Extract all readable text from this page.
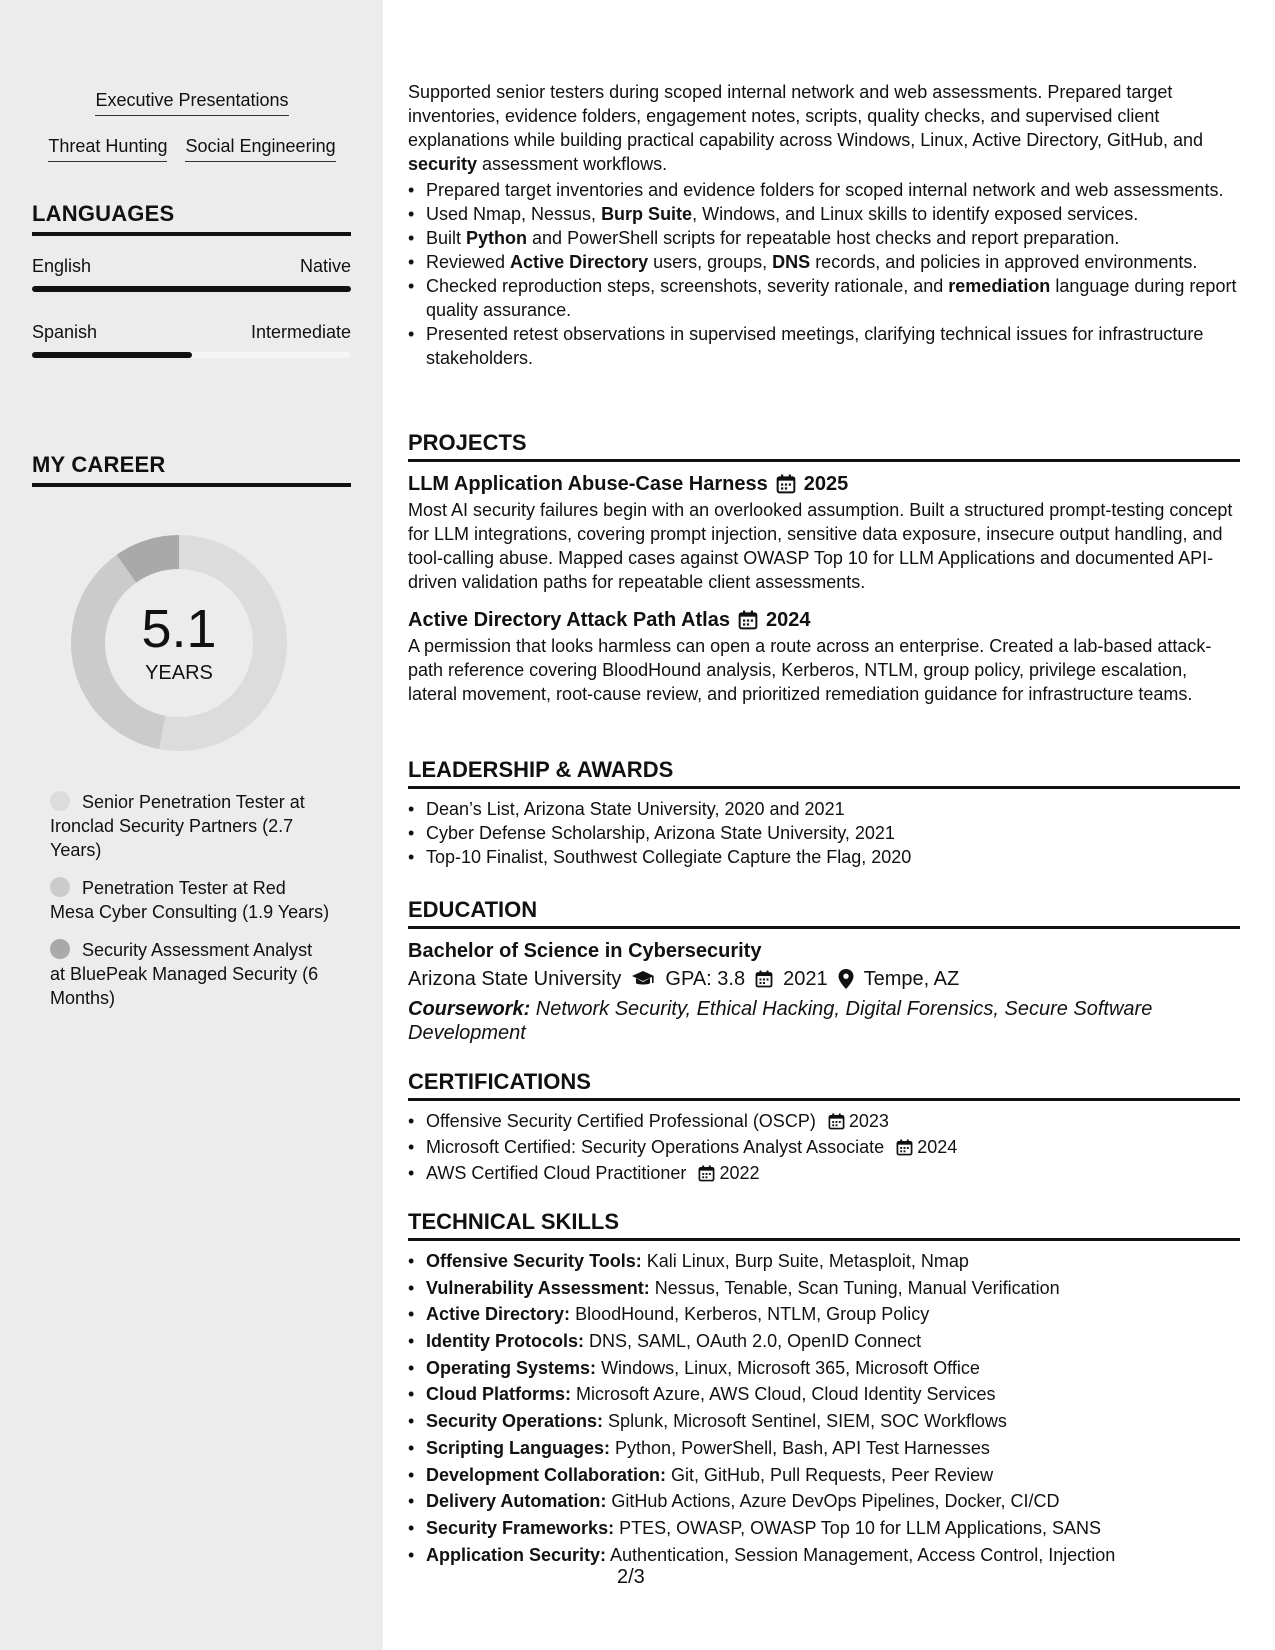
Executive Presentations
Threat Hunting Social Engineering
LANGUAGES
English	Native
Spanish	Intermediate
MY CAREER
5.1
YEARS
Senior Penetration Tester at Ironclad Security Partners (2.7 Years)
Penetration Tester at Red Mesa Cyber Consulting (1.9 Years)
Security Assessment Analyst at BluePeak Managed Security (6 Months)

Supported senior testers during scoped internal network and web assessments. Prepared target inventories, evidence folders, engagement notes, scripts, quality checks, and supervised client explanations while building practical capability across Windows, Linux, Active Directory, GitHub, and security assessment workflows.

• Prepared target inventories and evidence folders for scoped internal network and web assessments.
• Used Nmap, Nessus, Burp Suite, Windows, and Linux skills to identify exposed services.
• Built Python and PowerShell scripts for repeatable host checks and report preparation.
• Reviewed Active Directory users, groups, DNS records, and policies in approved environments.
• Checked reproduction steps, screenshots, severity rationale, and remediation language during report quality assurance.
• Presented retest observations in supervised meetings, clarifying technical issues for infrastructure stakeholders.
PROJECTS
LLM Application Abuse-Case Harness 2025

Most AI security failures begin with an overlooked assumption. Built a structured prompt-testing concept for LLM integrations, covering prompt injection, sensitive data exposure, insecure output handling, and tool-calling abuse. Mapped cases against OWASP Top 10 for LLM Applications and documented API-driven validation paths for repeatable client assessments.

Active Directory Attack Path Atlas 2024

A permission that looks harmless can open a route across an enterprise. Created a lab-based attack-path reference covering BloodHound analysis, Kerberos, NTLM, group policy, privilege escalation, lateral movement, root-cause review, and prioritized remediation guidance for infrastructure teams.

LEADERSHIP & AWARDS
• Dean’s List, Arizona State University, 2020 and 2021
• Cyber Defense Scholarship, Arizona State University, 2021
• Top-10 Finalist, Southwest Collegiate Capture the Flag, 2020
EDUCATION
Bachelor of Science in Cybersecurity
Arizona State University GPA: 3.8 2021 Tempe, AZ

Coursework: Network Security, Ethical Hacking, Digital Forensics, Secure Software Development

CERTIFICATIONS
• Offensive Security Certified Professional (OSCP) 2023
• Microsoft Certified: Security Operations Analyst Associate 2024
• AWS Certified Cloud Practitioner 2022
TECHNICAL SKILLS
• Offensive Security Tools: Kali Linux, Burp Suite, Metasploit, Nmap
• Vulnerability Assessment: Nessus, Tenable, Scan Tuning, Manual Verification
• Active Directory: BloodHound, Kerberos, NTLM, Group Policy
• Identity Protocols: DNS, SAML, OAuth 2.0, OpenID Connect
• Operating Systems: Windows, Linux, Microsoft 365, Microsoft Office
• Cloud Platforms: Microsoft Azure, AWS Cloud, Cloud Identity Services
• Security Operations: Splunk, Microsoft Sentinel, SIEM, SOC Workflows
• Scripting Languages: Python, PowerShell, Bash, API Test Harnesses
• Development Collaboration: Git, GitHub, Pull Requests, Peer Review
• Delivery Automation: GitHub Actions, Azure DevOps Pipelines, Docker, CI/CD
• Security Frameworks: PTES, OWASP, OWASP Top 10 for LLM Applications, SANS
• Application Security: Authentication, Session Management, Access Control, Injection
2/3
